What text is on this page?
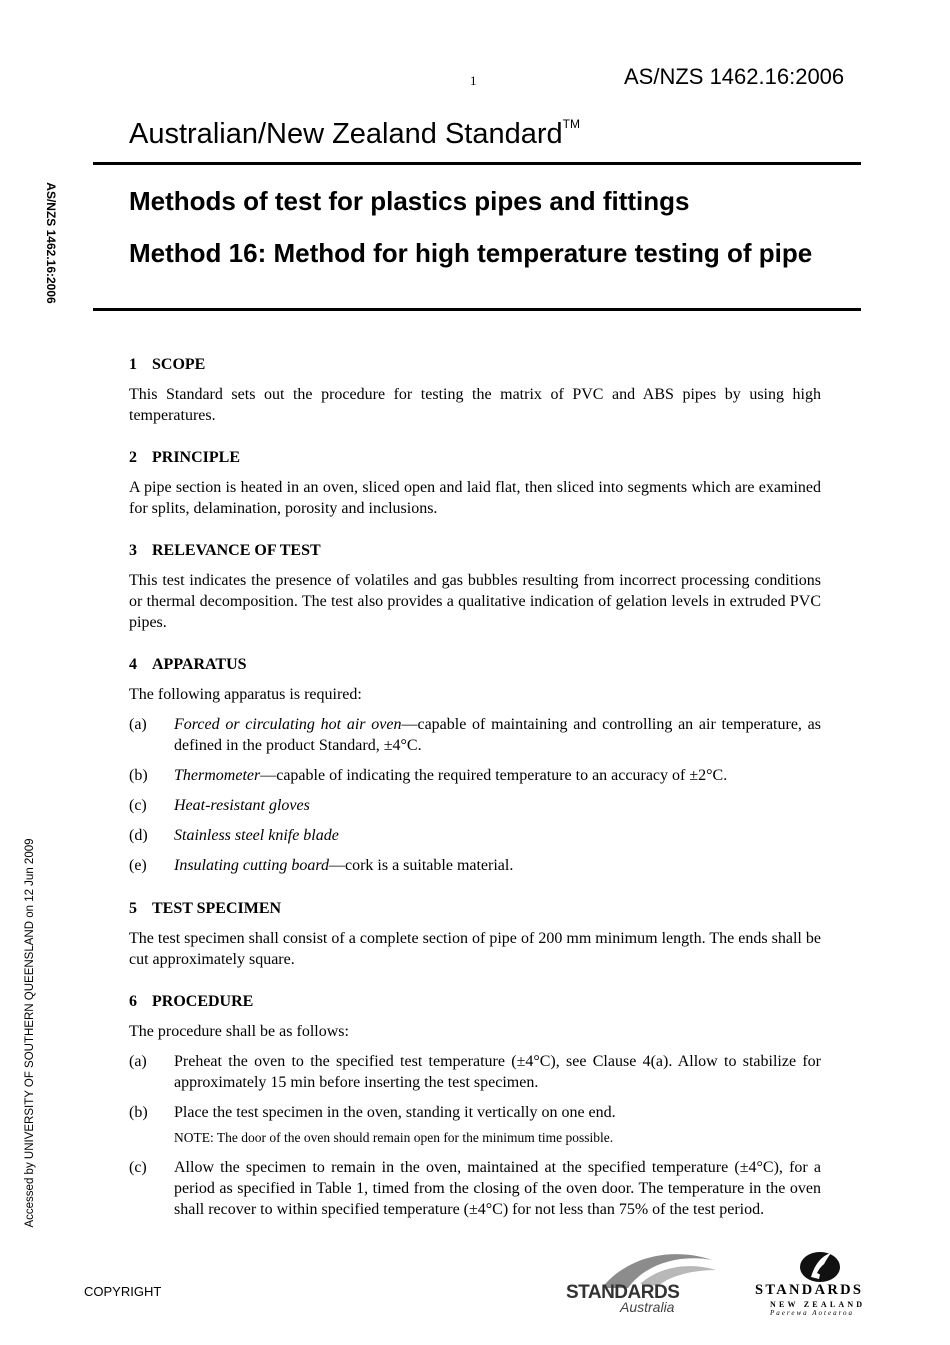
1	AS/NZS 1462.16:2006
Australian/New Zealand Standard™
Methods of test for plastics pipes and fittings
Method 16: Method for high temperature testing of pipe
AS/NZS 1462.16:2006
Accessed by UNIVERSITY OF SOUTHERN QUEENSLAND on 12 Jun 2009
1 SCOPE

This Standard sets out the procedure for testing the matrix of PVC and ABS pipes by using high temperatures.

2 PRINCIPLE

A pipe section is heated in an oven, sliced open and laid flat, then sliced into segments which are examined for splits, delamination, porosity and inclusions.

3 RELEVANCE OF TEST

This test indicates the presence of volatiles and gas bubbles resulting from incorrect processing conditions or thermal decomposition. The test also provides a qualitative indication of gelation levels in extruded PVC pipes.

4 APPARATUS

The following apparatus is required:

(a)	Forced or circulating hot air oven—capable of maintaining and controlling an air temperature, as defined in the product Standard, ±4°C.
(b)	Thermometer—capable of indicating the required temperature to an accuracy of ±2°C.
(c)	Heat-resistant gloves
(d)	Stainless steel knife blade
(e)	Insulating cutting board—cork is a suitable material.
5 TEST SPECIMEN

The test specimen shall consist of a complete section of pipe of 200 mm minimum length. The ends shall be cut approximately square.

6 PROCEDURE

The procedure shall be as follows:

(a)	Preheat the oven to the specified test temperature (±4°C), see Clause 4(a). Allow to stabilize for approximately 15 min before inserting the test specimen.
(b)	Place the test specimen in the oven, standing it vertically on one end.
NOTE: The door of the oven should remain open for the minimum time possible.
(c)	Allow the specimen to remain in the oven, maintained at the specified temperature (±4°C), for a period as specified in Table 1, timed from the closing of the oven door. The temperature in the oven shall recover to within specified temperature (±4°C) for not less than 75% of the test period.
COPYRIGHT	STANDARDS
Australia
STANDARDS
NEW ZEALAND
Paerewa Aotearoa
